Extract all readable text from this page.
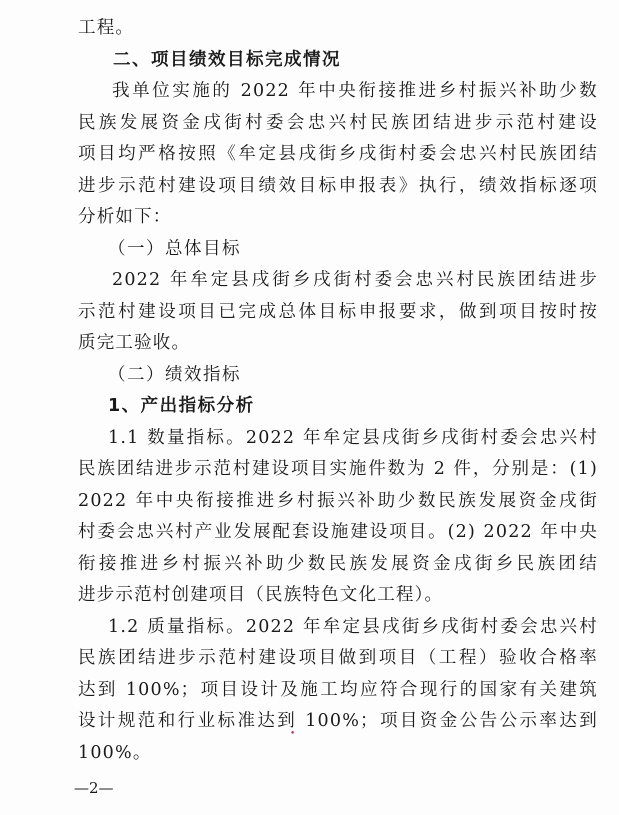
工程。
二、项目绩效目标完成情况
我单位实施的 2022 年中央衔接推进乡村振兴补助少数
民族发展资金戌街村委会忠兴村民族团结进步示范村建设
项目均严格按照《牟定县戌街乡戌街村委会忠兴村民族团结
进步示范村建设项目绩效目标申报表》执行，绩效指标逐项
分析如下：
（一）总体目标
2022 年牟定县戌街乡戌街村委会忠兴村民族团结进步
示范村建设项目已完成总体目标申报要求，做到项目按时按
质完工验收。
（二）绩效指标
1、产出指标分析
1.1 数量指标。2022 年牟定县戌街乡戌街村委会忠兴村
民族团结进步示范村建设项目实施件数为 2 件，分别是：(1)
2022 年中央衔接推进乡村振兴补助少数民族发展资金戌街
村委会忠兴村产业发展配套设施建设项目。(2) 2022 年中央
衔接推进乡村振兴补助少数民族发展资金戌街乡民族团结
进步示范村创建项目（民族特色文化工程）。
1.2 质量指标。2022 年牟定县戌街乡戌街村委会忠兴村
民族团结进步示范村建设项目做到项目（工程）验收合格率
达到 100%；项目设计及施工均应符合现行的国家有关建筑
设计规范和行业标准达到 100%；项目资金公告公示率达到
100%。
—2—
•
